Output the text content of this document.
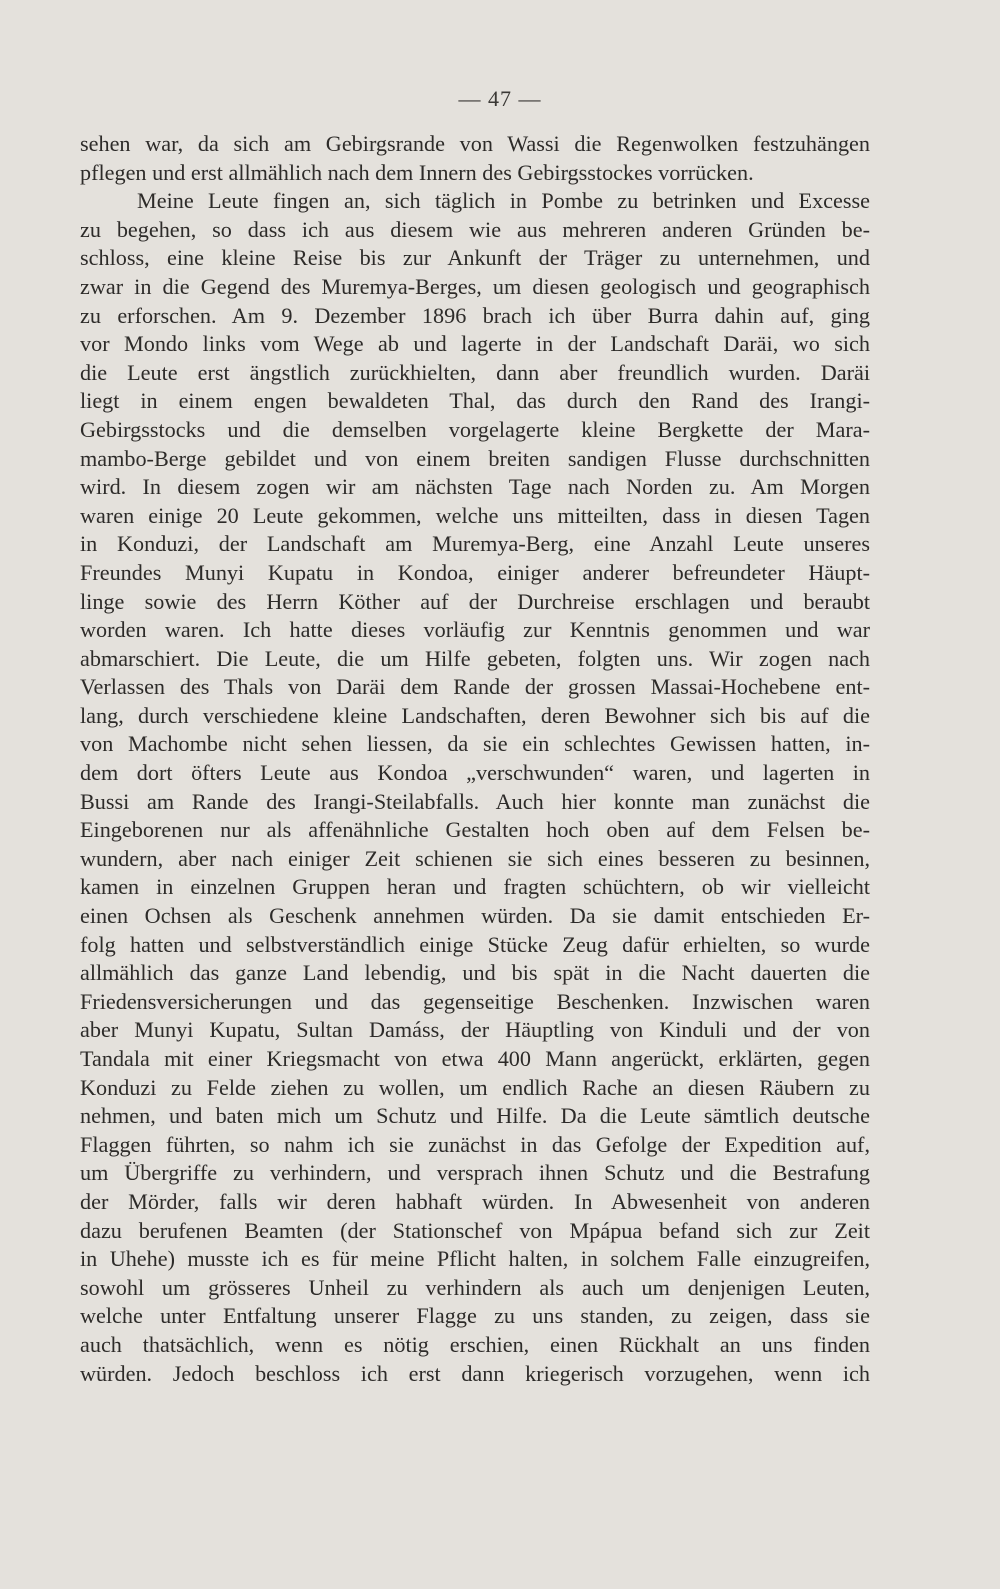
— 47 —
sehen war, da sich am Gebirgsrande von Wassi die Regenwolken festzuhängen
pflegen und erst allmählich nach dem Innern des Gebirgsstockes vorrücken.
Meine Leute fingen an, sich täglich in Pombe zu betrinken und Excesse
zu begehen, so dass ich aus diesem wie aus mehreren anderen Gründen be-
schloss, eine kleine Reise bis zur Ankunft der Träger zu unternehmen, und
zwar in die Gegend des Muremya-Berges, um diesen geologisch und geographisch
zu erforschen. Am 9. Dezember 1896 brach ich über Burra dahin auf, ging
vor Mondo links vom Wege ab und lagerte in der Landschaft Daräi, wo sich
die Leute erst ängstlich zurückhielten, dann aber freundlich wurden. Daräi
liegt in einem engen bewaldeten Thal, das durch den Rand des Irangi-
Gebirgsstocks und die demselben vorgelagerte kleine Bergkette der Mara-
mambo-Berge gebildet und von einem breiten sandigen Flusse durchschnitten
wird. In diesem zogen wir am nächsten Tage nach Norden zu. Am Morgen
waren einige 20 Leute gekommen, welche uns mitteilten, dass in diesen Tagen
in Konduzi, der Landschaft am Muremya-Berg, eine Anzahl Leute unseres
Freundes Munyi Kupatu in Kondoa, einiger anderer befreundeter Häupt-
linge sowie des Herrn Köther auf der Durchreise erschlagen und beraubt
worden waren. Ich hatte dieses vorläufig zur Kenntnis genommen und war
abmarschiert. Die Leute, die um Hilfe gebeten, folgten uns. Wir zogen nach
Verlassen des Thals von Daräi dem Rande der grossen Massai-Hochebene ent-
lang, durch verschiedene kleine Landschaften, deren Bewohner sich bis auf die
von Machombe nicht sehen liessen, da sie ein schlechtes Gewissen hatten, in-
dem dort öfters Leute aus Kondoa „verschwunden“ waren, und lagerten in
Bussi am Rande des Irangi-Steilabfalls. Auch hier konnte man zunächst die
Eingeborenen nur als affenähnliche Gestalten hoch oben auf dem Felsen be-
wundern, aber nach einiger Zeit schienen sie sich eines besseren zu besinnen,
kamen in einzelnen Gruppen heran und fragten schüchtern, ob wir vielleicht
einen Ochsen als Geschenk annehmen würden. Da sie damit entschieden Er-
folg hatten und selbstverständlich einige Stücke Zeug dafür erhielten, so wurde
allmählich das ganze Land lebendig, und bis spät in die Nacht dauerten die
Friedensversicherungen und das gegenseitige Beschenken. Inzwischen waren
aber Munyi Kupatu, Sultan Damáss, der Häuptling von Kinduli und der von
Tandala mit einer Kriegsmacht von etwa 400 Mann angerückt, erklärten, gegen
Konduzi zu Felde ziehen zu wollen, um endlich Rache an diesen Räubern zu
nehmen, und baten mich um Schutz und Hilfe. Da die Leute sämtlich deutsche
Flaggen führten, so nahm ich sie zunächst in das Gefolge der Expedition auf,
um Übergriffe zu verhindern, und versprach ihnen Schutz und die Bestrafung
der Mörder, falls wir deren habhaft würden. In Abwesenheit von anderen
dazu berufenen Beamten (der Stationschef von Mpápua befand sich zur Zeit
in Uhehe) musste ich es für meine Pflicht halten, in solchem Falle einzugreifen,
sowohl um grösseres Unheil zu verhindern als auch um denjenigen Leuten,
welche unter Entfaltung unserer Flagge zu uns standen, zu zeigen, dass sie
auch thatsächlich, wenn es nötig erschien, einen Rückhalt an uns finden
würden. Jedoch beschloss ich erst dann kriegerisch vorzugehen, wenn ich
